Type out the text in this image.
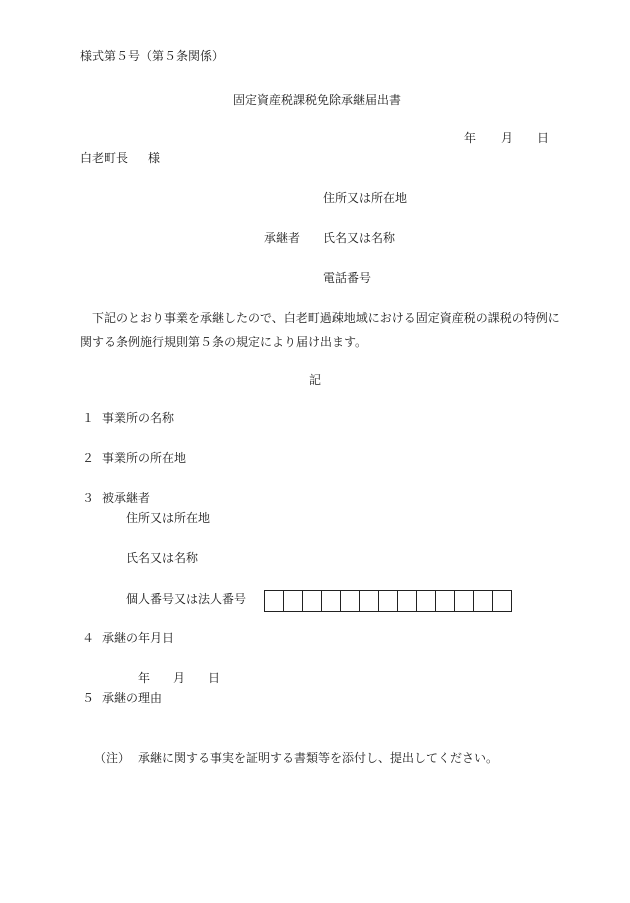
様式第５号（第５条関係）
固定資産税課税免除承継届出書
年 月 日
白老町長 様
住所又は所在地
承継者 氏名又は名称
電話番号
下記のとおり事業を承継したので、白老町過疎地域における固定資産税の課税の特例に関する条例施行規則第５条の規定により届け出ます。
記
１ 事業所の名称
２ 事業所の所在地
３ 被承継者
住所又は所在地
氏名又は名称
個人番号又は法人番号
４ 承継の年月日
年 月 日
５ 承継の理由
（注） 承継に関する事実を証明する書類等を添付し、提出してください。
